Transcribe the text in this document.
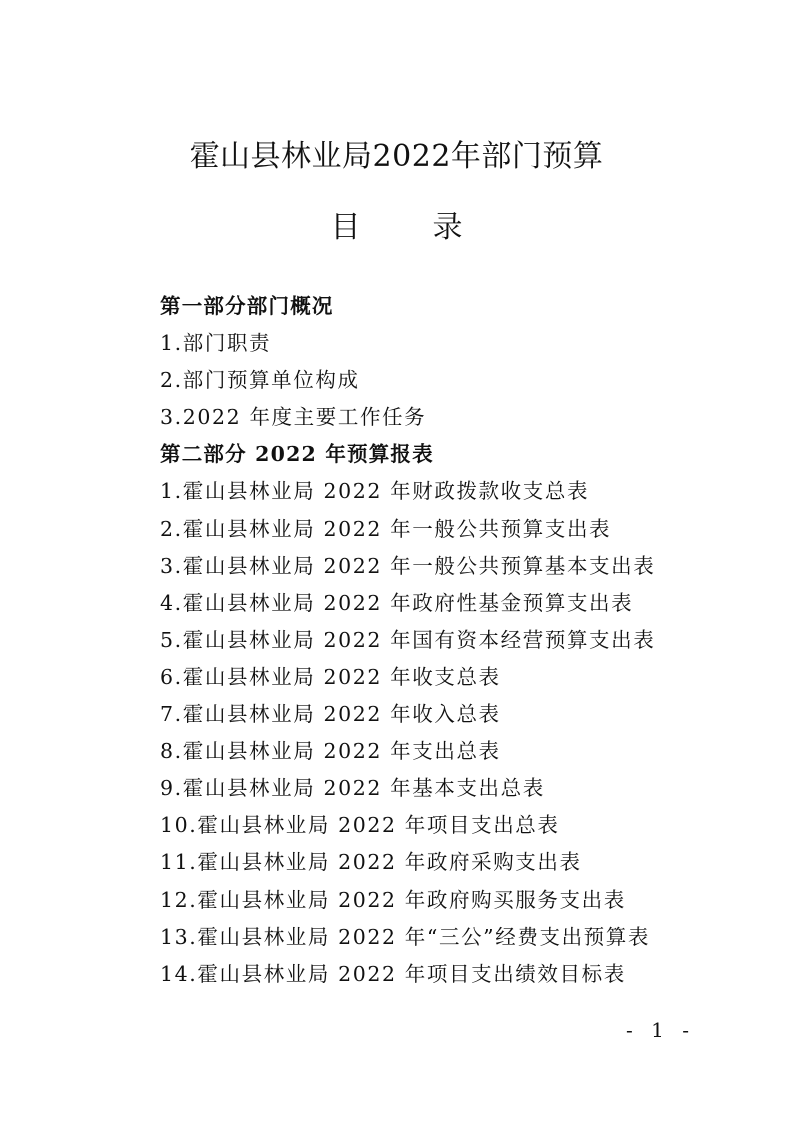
霍山县林业局2022年部门预算
目录
第一部分部门概况
1.部门职责
2.部门预算单位构成
3.2022 年度主要工作任务
第二部分 2022 年预算报表
1.霍山县林业局 2022 年财政拨款收支总表
2.霍山县林业局 2022 年一般公共预算支出表
3.霍山县林业局 2022 年一般公共预算基本支出表
4.霍山县林业局 2022 年政府性基金预算支出表
5.霍山县林业局 2022 年国有资本经营预算支出表
6.霍山县林业局 2022 年收支总表
7.霍山县林业局 2022 年收入总表
8.霍山县林业局 2022 年支出总表
9.霍山县林业局 2022 年基本支出总表
10.霍山县林业局 2022 年项目支出总表
11.霍山县林业局 2022 年政府采购支出表
12.霍山县林业局 2022 年政府购买服务支出表
13.霍山县林业局 2022 年“三公”经费支出预算表
14.霍山县林业局 2022 年项目支出绩效目标表
- 1 -
